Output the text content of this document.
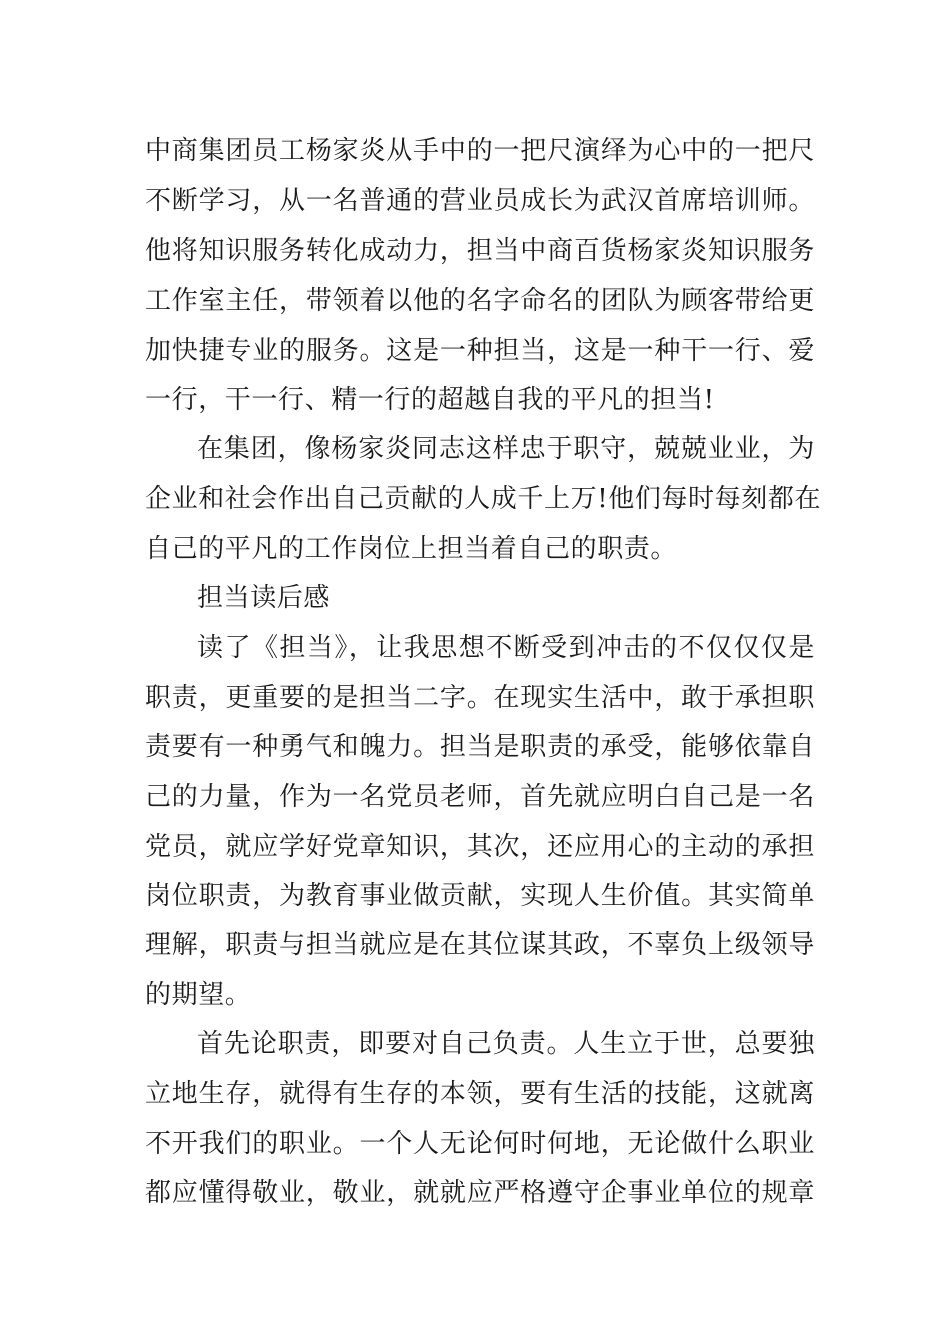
中商集团员工杨家炎从手中的一把尺演绎为心中的一把尺
不断学习，从一名普通的营业员成长为武汉首席培训师。
他将知识服务转化成动力，担当中商百货杨家炎知识服务
工作室主任，带领着以他的名字命名的团队为顾客带给更
加快捷专业的服务。这是一种担当，这是一种干一行、爱
一行，干一行、精一行的超越自我的平凡的担当!
在集团，像杨家炎同志这样忠于职守，兢兢业业，为
企业和社会作出自己贡献的人成千上万!他们每时每刻都在
自己的平凡的工作岗位上担当着自己的职责。
担当读后感
读了《担当》，让我思想不断受到冲击的不仅仅仅是
职责，更重要的是担当二字。在现实生活中，敢于承担职
责要有一种勇气和魄力。担当是职责的承受，能够依靠自
己的力量，作为一名党员老师，首先就应明白自己是一名
党员，就应学好党章知识，其次，还应用心的主动的承担
岗位职责，为教育事业做贡献，实现人生价值。其实简单
理解，职责与担当就应是在其位谋其政，不辜负上级领导
的期望。
首先论职责，即要对自己负责。人生立于世，总要独
立地生存，就得有生存的本领，要有生活的技能，这就离
不开我们的职业。一个人无论何时何地，无论做什么职业
都应懂得敬业，敬业，就就应严格遵守企事业单位的规章
